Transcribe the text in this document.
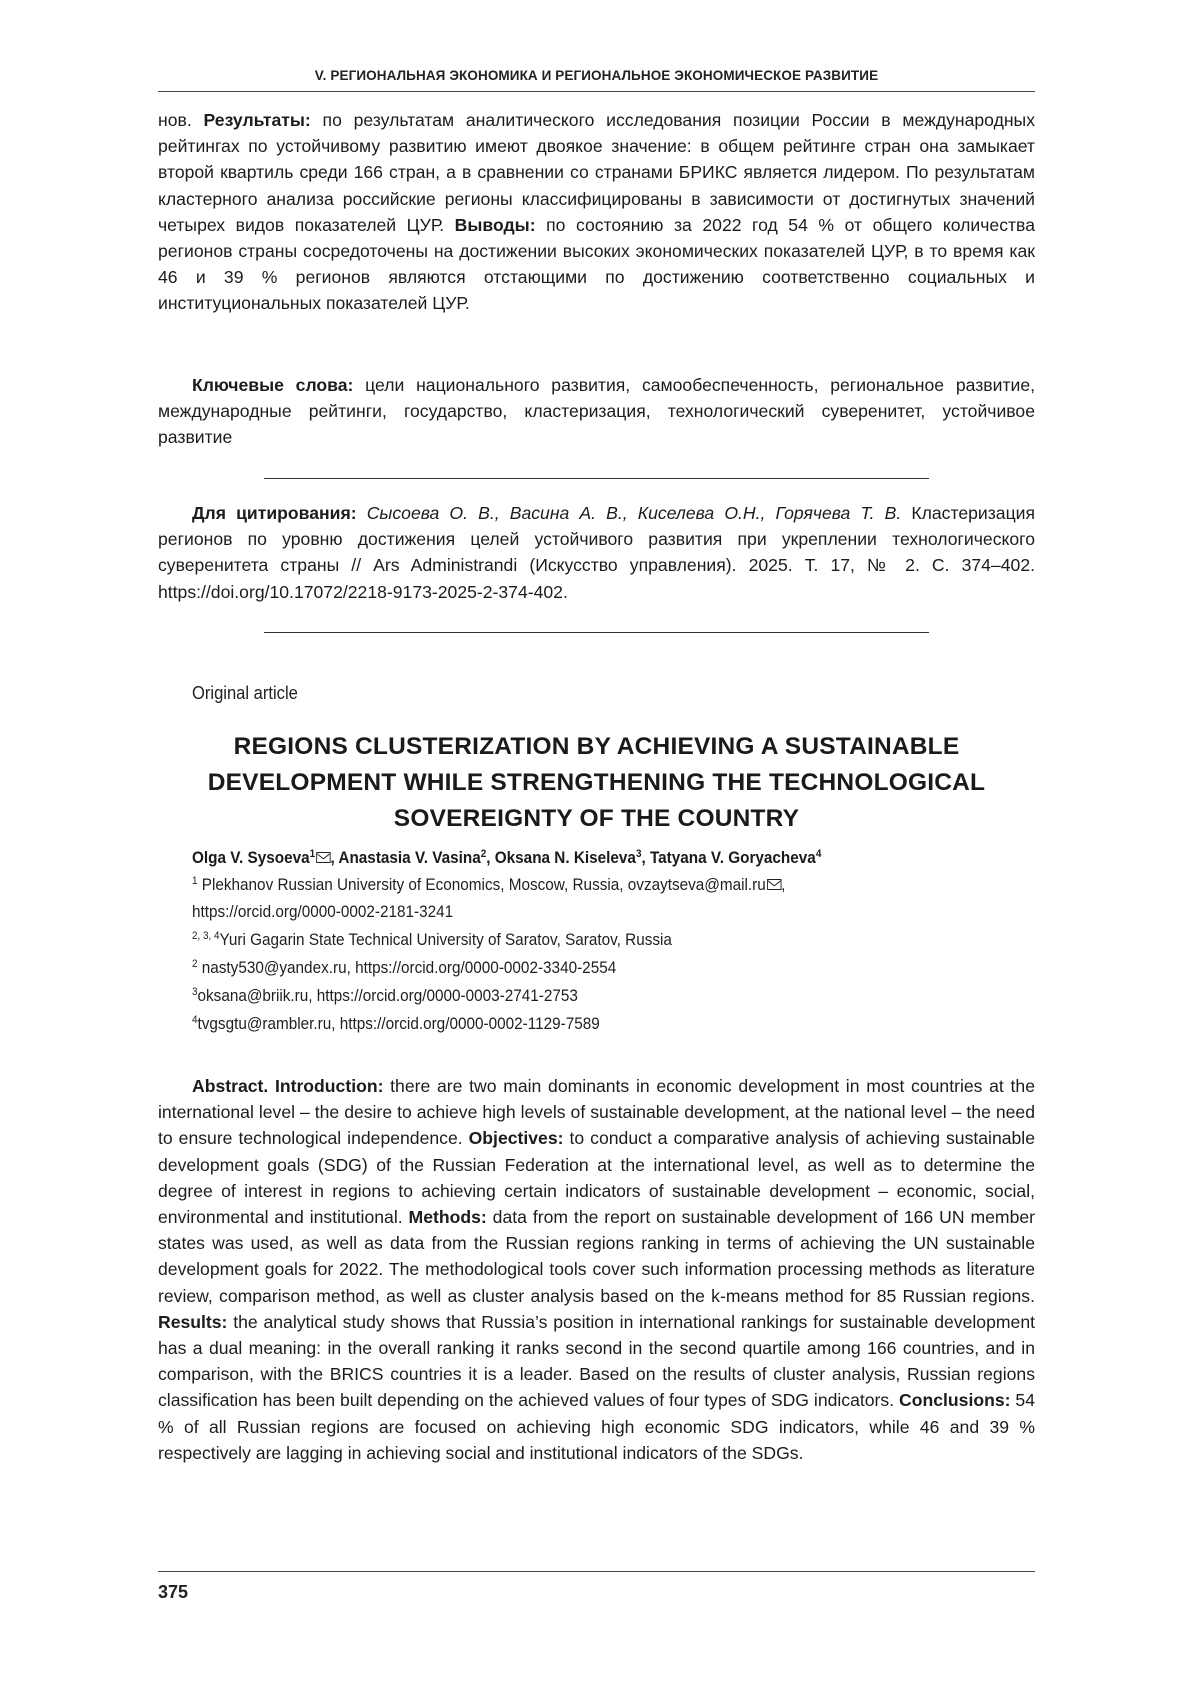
V. РЕГИОНАЛЬНАЯ ЭКОНОМИКА И РЕГИОНАЛЬНОЕ ЭКОНОМИЧЕСКОЕ РАЗВИТИЕ

нов. Результаты: по результатам аналитического исследования позиции России в международных рейтингах по устойчивому развитию имеют двоякое значение: в общем рейтинге стран она замыкает второй квартиль среди 166 стран, а в сравнении со странами БРИКС является лидером. По результатам кластерного анализа российские регионы классифицированы в зависимости от достигнутых значений четырех видов показателей ЦУР. Выводы: по состоянию за 2022 год 54 % от общего количества регионов страны сосредоточены на достижении высоких экономических показателей ЦУР, в то время как 46 и 39 % регионов являются отстающими по достижению соответственно социальных и институциональных показателей ЦУР.

Ключевые слова: цели национального развития, самообеспеченность, региональное развитие, международные рейтинги, государство, кластеризация, технологический суверенитет, устойчивое развитие

Для цитирования: Сысоева О. В., Васина А. В., Киселева О.Н., Горячева Т. В. Кластеризация регионов по уровню достижения целей устойчивого развития при укреплении технологического суверенитета страны // Ars Administrandi (Искусство управления). 2025. Т. 17, № 2. С. 374–402. https://doi.org/10.17072/2218-9173-2025-2-374-402.

Original article
REGIONS CLUSTERIZATION BY ACHIEVING A SUSTAINABLE DEVELOPMENT WHILE STRENGTHENING THE TECHNOLOGICAL SOVEREIGNTY OF THE COUNTRY
Olga V. Sysoeva$^1$ , Anastasia V. Vasina$^2$, Oksana N. Kiseleva$^3$, Tatyana V. Goryacheva$^4$
$^1$ Plekhanov Russian University of Economics, Moscow, Russia, ovzaytseva@mail.ru ,
https://orcid.org/0000-0002-2181-3241
$^{2, 3, 4}$Yuri Gagarin State Technical University of Saratov, Saratov, Russia
$^2$ nasty530@yandex.ru, https://orcid.org/0000-0002-3340-2554
$^3$oksana@briik.ru, https://orcid.org/0000-0003-2741-2753
$^4$tvgsgtu@rambler.ru, https://orcid.org/0000-0002-1129-7589

Abstract. Introduction: there are two main dominants in economic development in most countries at the international level – the desire to achieve high levels of sustainable development, at the national level – the need to ensure technological independence. Objectives: to conduct a comparative analysis of achieving sustainable development goals (SDG) of the Russian Federation at the international level, as well as to determine the degree of interest in regions to achieving certain indicators of sustainable development – economic, social, environmental and institutional. Methods: data from the report on sustainable development of 166 UN member states was used, as well as data from the Russian regions ranking in terms of achieving the UN sustainable development goals for 2022. The methodological tools cover such information processing methods as literature review, comparison method, as well as cluster analysis based on the k-means method for 85 Russian regions. Results: the analytical study shows that Russia’s position in international rankings for sustainable development has a dual meaning: in the overall ranking it ranks second in the second quartile among 166 countries, and in comparison, with the BRICS countries it is a leader. Based on the results of cluster analysis, Russian regions classification has been built depending on the achieved values of four types of SDG indicators. Conclusions: 54 % of all Russian regions are focused on achieving high economic SDG indicators, while 46 and 39 % respectively are lagging in achieving social and institutional indicators of the SDGs.

375
